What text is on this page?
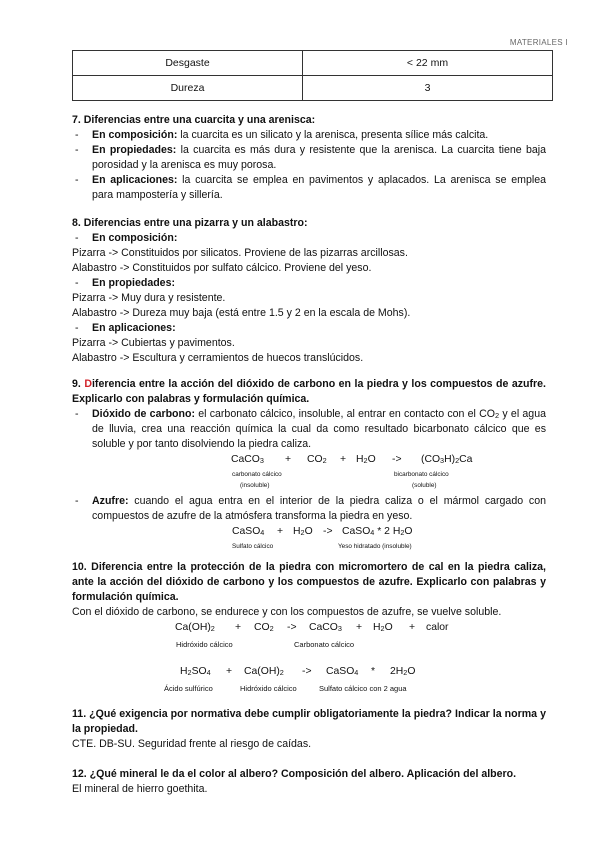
MATERIALES I
Desgaste	< 22 mm
Dureza	3
7. Diferencias entre una cuarcita y una arenisca:
- En composición: la cuarcita es un silicato y la arenisca, presenta sílice más calcita.
- En propiedades: la cuarcita es más dura y resistente que la arenisca. La cuarcita tiene baja porosidad y la arenisca es muy porosa.
- En aplicaciones: la cuarcita se emplea en pavimentos y aplacados. La arenisca se emplea para mampostería y sillería.
8. Diferencias entre una pizarra y un alabastro:
- En composición:
Pizarra -> Constituidos por silicatos. Proviene de las pizarras arcillosas.
Alabastro -> Constituidos por sulfato cálcico. Proviene del yeso.
- En propiedades:
Pizarra -> Muy dura y resistente.
Alabastro -> Dureza muy baja (está entre 1.5 y 2 en la escala de Mohs).
- En aplicaciones:
Pizarra -> Cubiertas y pavimentos.
Alabastro -> Escultura y cerramientos de huecos translúcidos.
9. Diferencia entre la acción del dióxido de carbono en la piedra y los compuestos de azufre. Explicarlo con palabras y formulación química.
- Dióxido de carbono: el carbonato cálcico, insoluble, al entrar en contacto con el $CO_2$ y el agua de lluvia, crea una reacción química la cual da como resultado bicarbonato cálcico que es soluble y por tanto disolviendo la piedra caliza.
CaCO$_3$ + $CO_2 + H_2O -> (CO_3H)_2Ca$
carbonato cálcico
(insoluble)
bicarbonato cálcico
(soluble)
- Azufre: cuando el agua entra en el interior de la piedra caliza o el mármol cargado con compuestos de azufre de la atmósfera transforma la piedra en yeso.
CaSO$_4$ + $H_2O$ -> CaSO$_4$ * 2 $H_2O$
Sulfato cálcico	Yeso hidratado (insoluble)
10. Diferencia entre la protección de la piedra con micromortero de cal en la piedra caliza, ante la acción del dióxido de carbono y los compuestos de azufre. Explicarlo con palabras y formulación química.
Con el dióxido de carbono, se endurece y con los compuestos de azufre, se vuelve soluble.
$Ca(OH)_2 + CO_2$ -> CaCO$_3$ + $H_2O$ + calor
Hidróxido cálcico	Carbonato cálcico
$H_2SO_4 + Ca(OH)_2$ -> CaSO$_4$ * $2H_2O$
Ácido sulfúrico	Hidróxido cálcico	Sulfato cálcico con 2 agua
11. ¿Qué exigencia por normativa debe cumplir obligatoriamente la piedra? Indicar la norma y la propiedad.
CTE. DB-SU. Seguridad frente al riesgo de caídas.
12. ¿Qué mineral le da el color al albero? Composición del albero. Aplicación del albero.
El mineral de hierro goethita.
